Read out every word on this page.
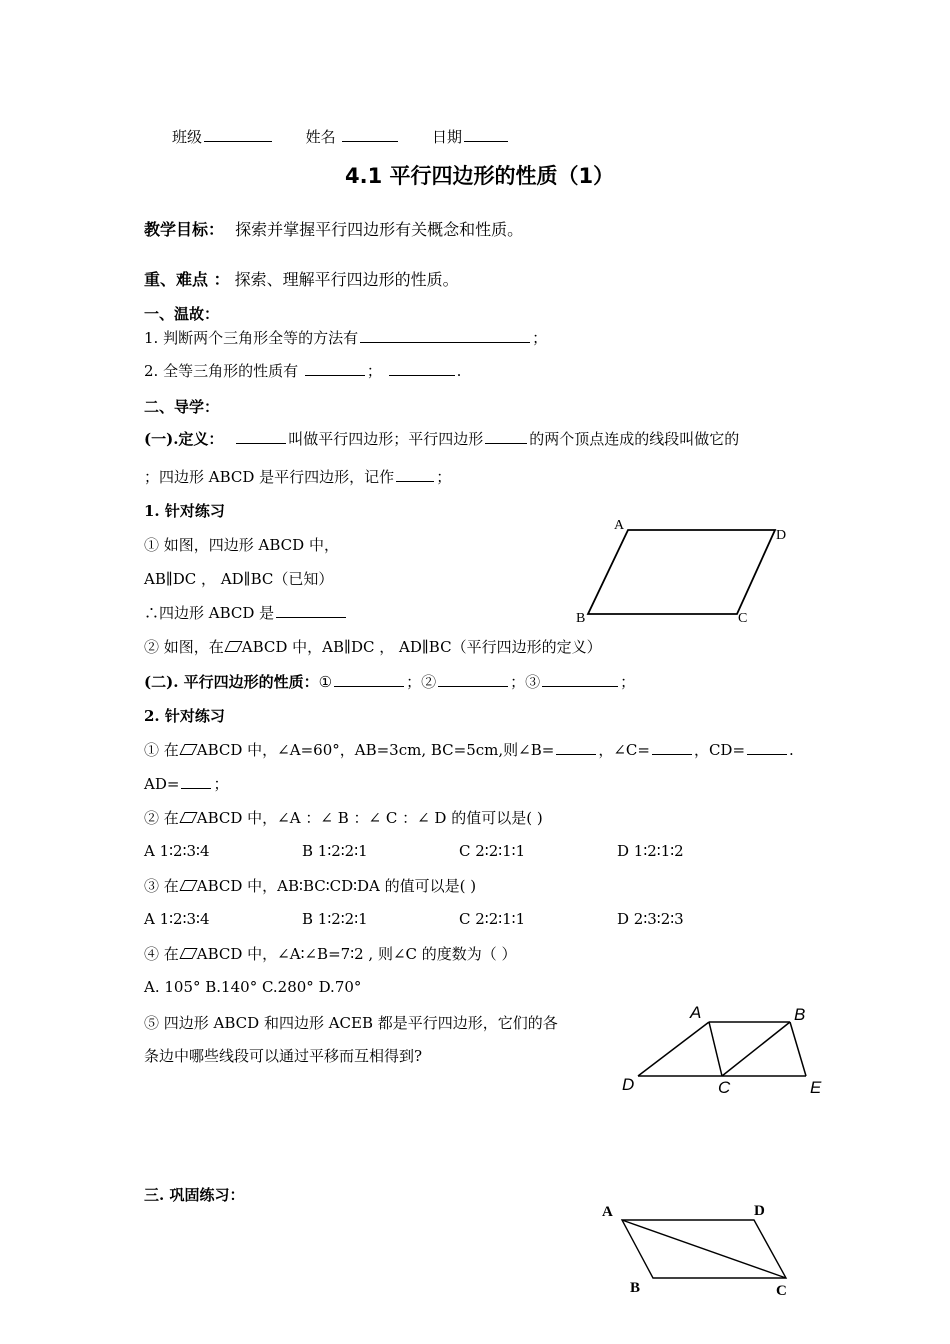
班级	姓名	日期
4.1 平行四边形的性质（1）
教学目标： 探索并掌握平行四边形有关概念和性质。
重、难点 ： 探索、理解平行四边形的性质。
一、温故：
1. 判断两个三角形全等的方法有	；
2. 全等三角形的性质有	；	.
二、导学：
(一).定义：	叫做平行四边形；平行四边形	的两个顶点连成的线段叫做它的
；四边形 ABCD 是平行四边形，记作	；
1. 针对练习
① 如图，四边形 ABCD 中，
AB∥DC ， AD∥BC（已知）
∴四边形 ABCD 是
② 如图，在 ABCD 中，AB∥DC ， AD∥BC（平行四边形的定义）
(二). 平行四边形的性质：①	；②	；③	；
2. 针对练习
① 在 ABCD 中，∠A=60°，AB=3cm, BC=5cm,则∠B=	，∠C=	，CD=	.
AD= ；
② 在 ABCD 中，∠A ：∠ B ：∠ C ：∠ D 的值可以是( )
A 1∶2∶3∶4	B 1∶2∶2∶1	C 2∶2∶1∶1	D 1∶2∶1∶2
③ 在 ABCD 中，AB∶BC∶CD∶DA 的值可以是( )
A 1∶2∶3∶4	B 1∶2∶2∶1	C 2∶2∶1∶1	D 2∶3∶2∶3
④ 在 ABCD 中，∠A∶∠B=7∶2 , 则∠C 的度数为（ ）
A. 105° B.140° C.280° D.70°
⑤ 四边形 ABCD 和四边形 ACEB 都是平行四边形，它们的各
条边中哪些线段可以通过平移而互相得到?
三. 巩固练习：
A
D
B	C
A	B
D	C	E
A	D
B	C
